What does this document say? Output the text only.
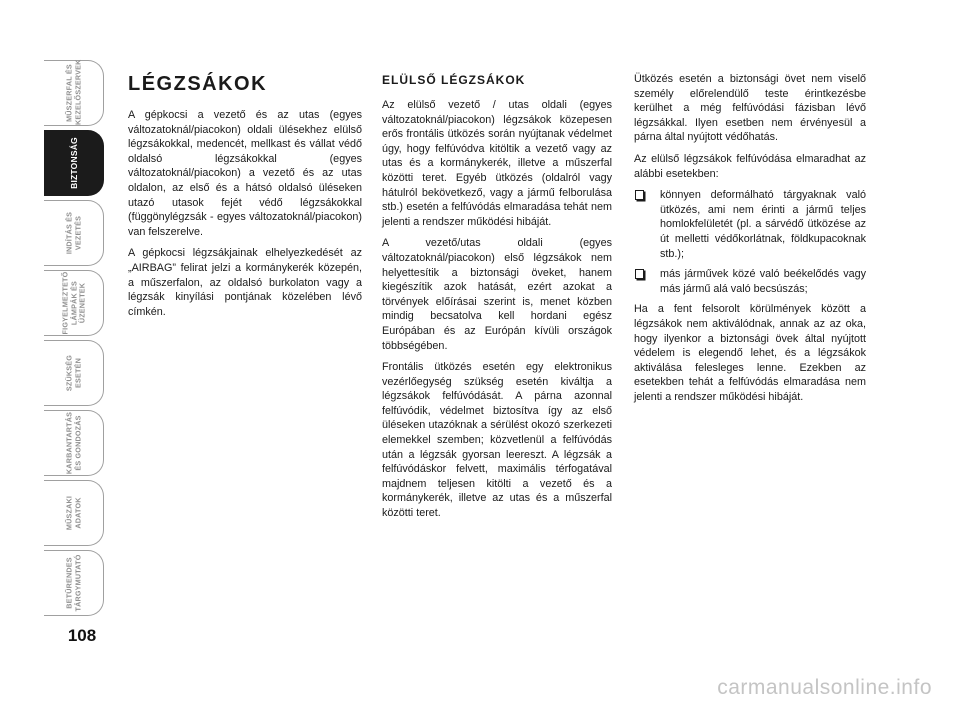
MŰSZERFAL ÉS
KEZELŐSZERVEK
BIZTONSÁG
INDÍTÁS ÉS
VEZETÉS
FIGYELMEZTETŐ
LÁMPÁK ÉS
ÜZENETEK
SZÜKSÉG
ESETÉN
KARBANTARTÁS
ÉS GONDOZÁS
MŰSZAKI
ADATOK
BETŰRENDES
TÁRGYMUTATÓ
108
LÉGZSÁKOK

A gépkocsi a vezető és az utas (egyes változatoknál/piacokon) oldali ülésekhez elülső légzsákokkal, medencét, mellkast és vállat védő oldalsó légzsákokkal (egyes változatoknál/piacokon) a vezető és az utas oldalon, az első és a hátsó oldalsó üléseken utazó utasok fejét védő légzsákokkal (függönylégzsák - egyes változatoknál/piacokon) van felszerelve.

A gépkocsi légzsákjainak elhelyezkedését az „AIRBAG” felirat jelzi a kormánykerék közepén, a műszerfalon, az oldalsó burkolaton vagy a légzsák kinyílási pontjának közelében lévő címkén.

ELÜLSŐ LÉGZSÁKOK

Az elülső vezető / utas oldali (egyes változatoknál/piacokon) légzsákok közepesen erős frontális ütközés során nyújtanak védelmet úgy, hogy felfúvódva kitöltik a vezető vagy az utas és a kormánykerék, illetve a műszerfal közötti teret. Egyéb ütközés (oldalról vagy hátulról bekövetkező, vagy a jármű felborulása stb.) esetén a felfúvódás elmaradása tehát nem jelenti a rendszer működési hibáját.

A vezető/utas oldali (egyes változatoknál/piacokon) első légzsákok nem helyettesítik a biztonsági öveket, hanem kiegészítik azok hatását, ezért azokat a törvények előírásai szerint is, menet közben mindig becsatolva kell hordani egész Európában és az Európán kívüli országok többségében.

Frontális ütközés esetén egy elektronikus vezérlőegység szükség esetén kiváltja a légzsákok felfúvódását. A párna azonnal felfúvódik, védelmet biztosítva így az első üléseken utazóknak a sérülést okozó szerkezeti elemekkel szemben; közvetlenül a felfúvódás után a légzsák gyorsan leereszt. A légzsák a felfúvódáskor felvett, maximális térfogatával majdnem teljesen kitölti a vezető és a kormánykerék, illetve az utas és a műszerfal közötti teret.

Ütközés esetén a biztonsági övet nem viselő személy előrelendülő teste érintkezésbe kerülhet a még felfúvódási fázisban lévő légzsákkal. Ilyen esetben nem érvényesül a párna által nyújtott védőhatás.

Az elülső légzsákok felfúvódása elmaradhat az alábbi esetekben:

könnyen deformálható tárgyaknak való ütközés, ami nem érinti a jármű teljes homlokfelületét (pl. a sárvédő ütközése az út melletti védőkorlátnak, földkupacoknak stb.);
más járművek közé való beékelődés vagy más jármű alá való becsúszás;

Ha a fent felsorolt körülmények között a légzsákok nem aktiválódnak, annak az az oka, hogy ilyenkor a biztonsági övek által nyújtott védelem is elegendő lehet, és a légzsákok aktiválása felesleges lenne. Ezekben az esetekben tehát a felfúvódás elmaradása nem jelenti a rendszer működési hibáját.

carmanualsonline.info
